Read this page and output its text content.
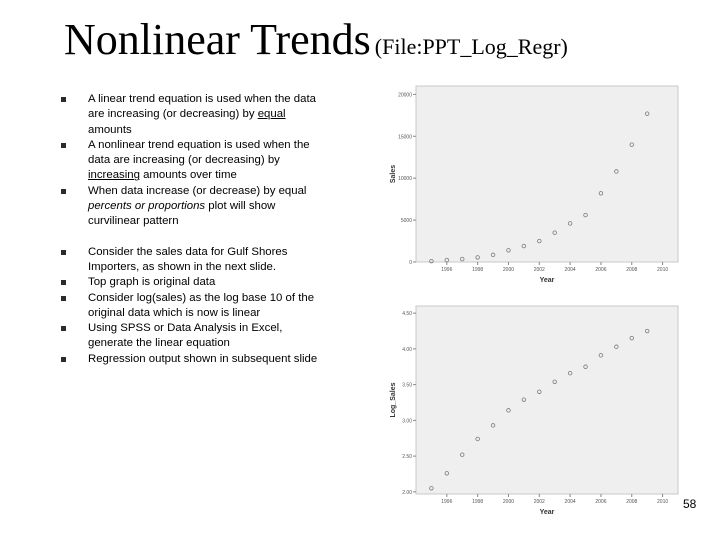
Nonlinear Trends (File:PPT_Log_Regr)
A linear trend equation is used when the data are increasing (or decreasing) by equal amounts
A nonlinear trend equation is used when the data are increasing (or decreasing) by increasing amounts over time
When data increase (or decrease) by equal percents or proportions plot will show curvilinear pattern
Consider the sales data for Gulf Shores Importers, as shown in the next slide.
Top graph is original data
Consider log(sales) as the log base 10 of the original data which is now is linear
Using SPSS or Data Analysis in Excel, generate the linear equation
Regression output shown in subsequent slide
0
5000
10000
15000
20000
1996	1998	2000	2002	2004	2006	2008	2010
Year
Sales
2.00
2.50
3.00
3.50
4.00
4.50
1996	1998	2000	2002	2004	2006	2008	2010
Year
Log_Sales
58
